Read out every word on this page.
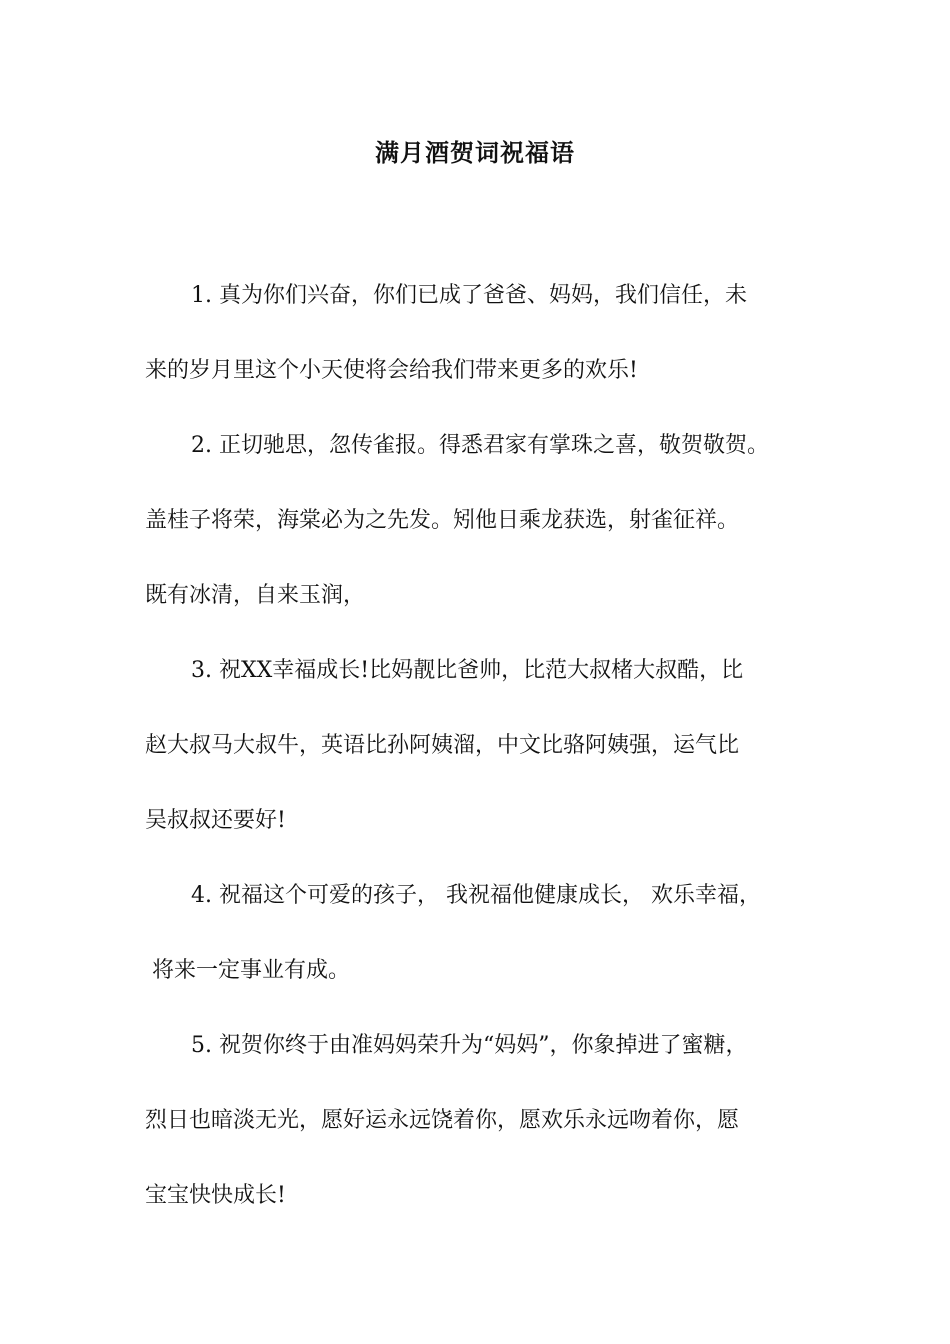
满月酒贺词祝福语
1. 真为你们兴奋，你们已成了爸爸、妈妈，我们信任，未
来的岁月里这个小天使将会给我们带来更多的欢乐!
2. 正切驰思，忽传雀报。得悉君家有掌珠之喜，敬贺敬贺。
盖桂子将荣，海棠必为之先发。矧他日乘龙获选，射雀征祥。
既有冰清，自来玉润，
3. 祝XX幸福成长!比妈靓比爸帅，比范大叔楮大叔酷，比
赵大叔马大叔牛，英语比孙阿姨溜，中文比骆阿姨强，运气比
吴叔叔还要好!
4. 祝福这个可爱的孩子， 我祝福他健康成长， 欢乐幸福，
将来一定事业有成。
5. 祝贺你终于由准妈妈荣升为“妈妈”，你象掉进了蜜糖，
烈日也暗淡无光，愿好运永远饶着你，愿欢乐永远吻着你，愿
宝宝快快成长!
